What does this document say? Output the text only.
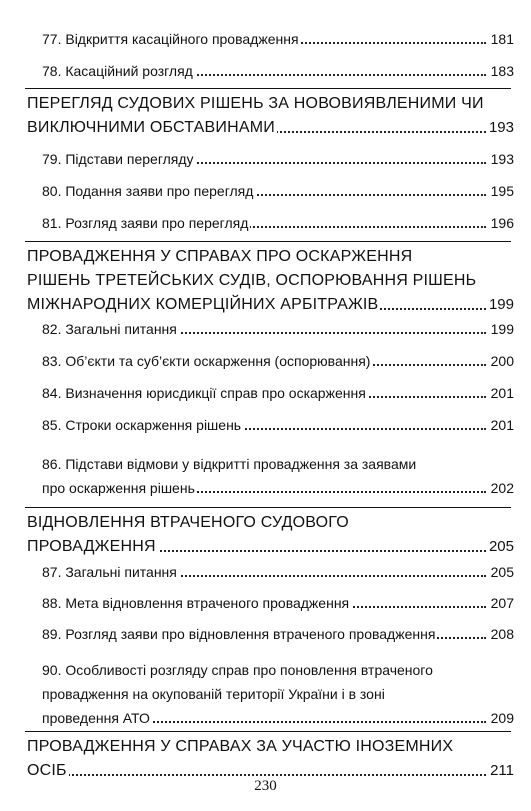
77. Відкриття касаційного провадження	181
78. Касаційний розгляд	183
ПЕРЕГЛЯД СУДОВИХ РІШЕНЬ ЗА НОВОВИЯВЛЕНИМИ ЧИ
ВИКЛЮЧНИМИ ОБСТАВИНАМИ	193
79. Підстави перегляду	193
80. Подання заяви про перегляд	195
81. Розгляд заяви про перегляд	196
ПРОВАДЖЕННЯ У СПРАВАХ ПРО ОСКАРЖЕННЯ
РІШЕНЬ ТРЕТЕЙСЬКИХ СУДІВ, ОСПОРЮВАННЯ РІШЕНЬ
МІЖНАРОДНИХ КОМЕРЦІЙНИХ АРБІТРАЖІВ	199
82. Загальні питання	199
83. Об’єкти та суб’єкти оскарження (оспорювання)	200
84. Визначення юрисдикції справ про оскарження	201
85. Строки оскарження рішень	201
86. Підстави відмови у відкритті провадження за заявами
про оскарження рішень	202
ВІДНОВЛЕННЯ ВТРАЧЕНОГО СУДОВОГО
ПРОВАДЖЕННЯ	205
87. Загальні питання	205
88. Мета відновлення втраченого провадження	207
89. Розгляд заяви про відновлення втраченого провадження	208
90. Особливості розгляду справ про поновлення втраченого
провадження на окупованій території України і в зоні
проведення АТО	209
ПРОВАДЖЕННЯ У СПРАВАХ ЗА УЧАСТЮ ІНОЗЕМНИХ
ОСІБ	211
230
